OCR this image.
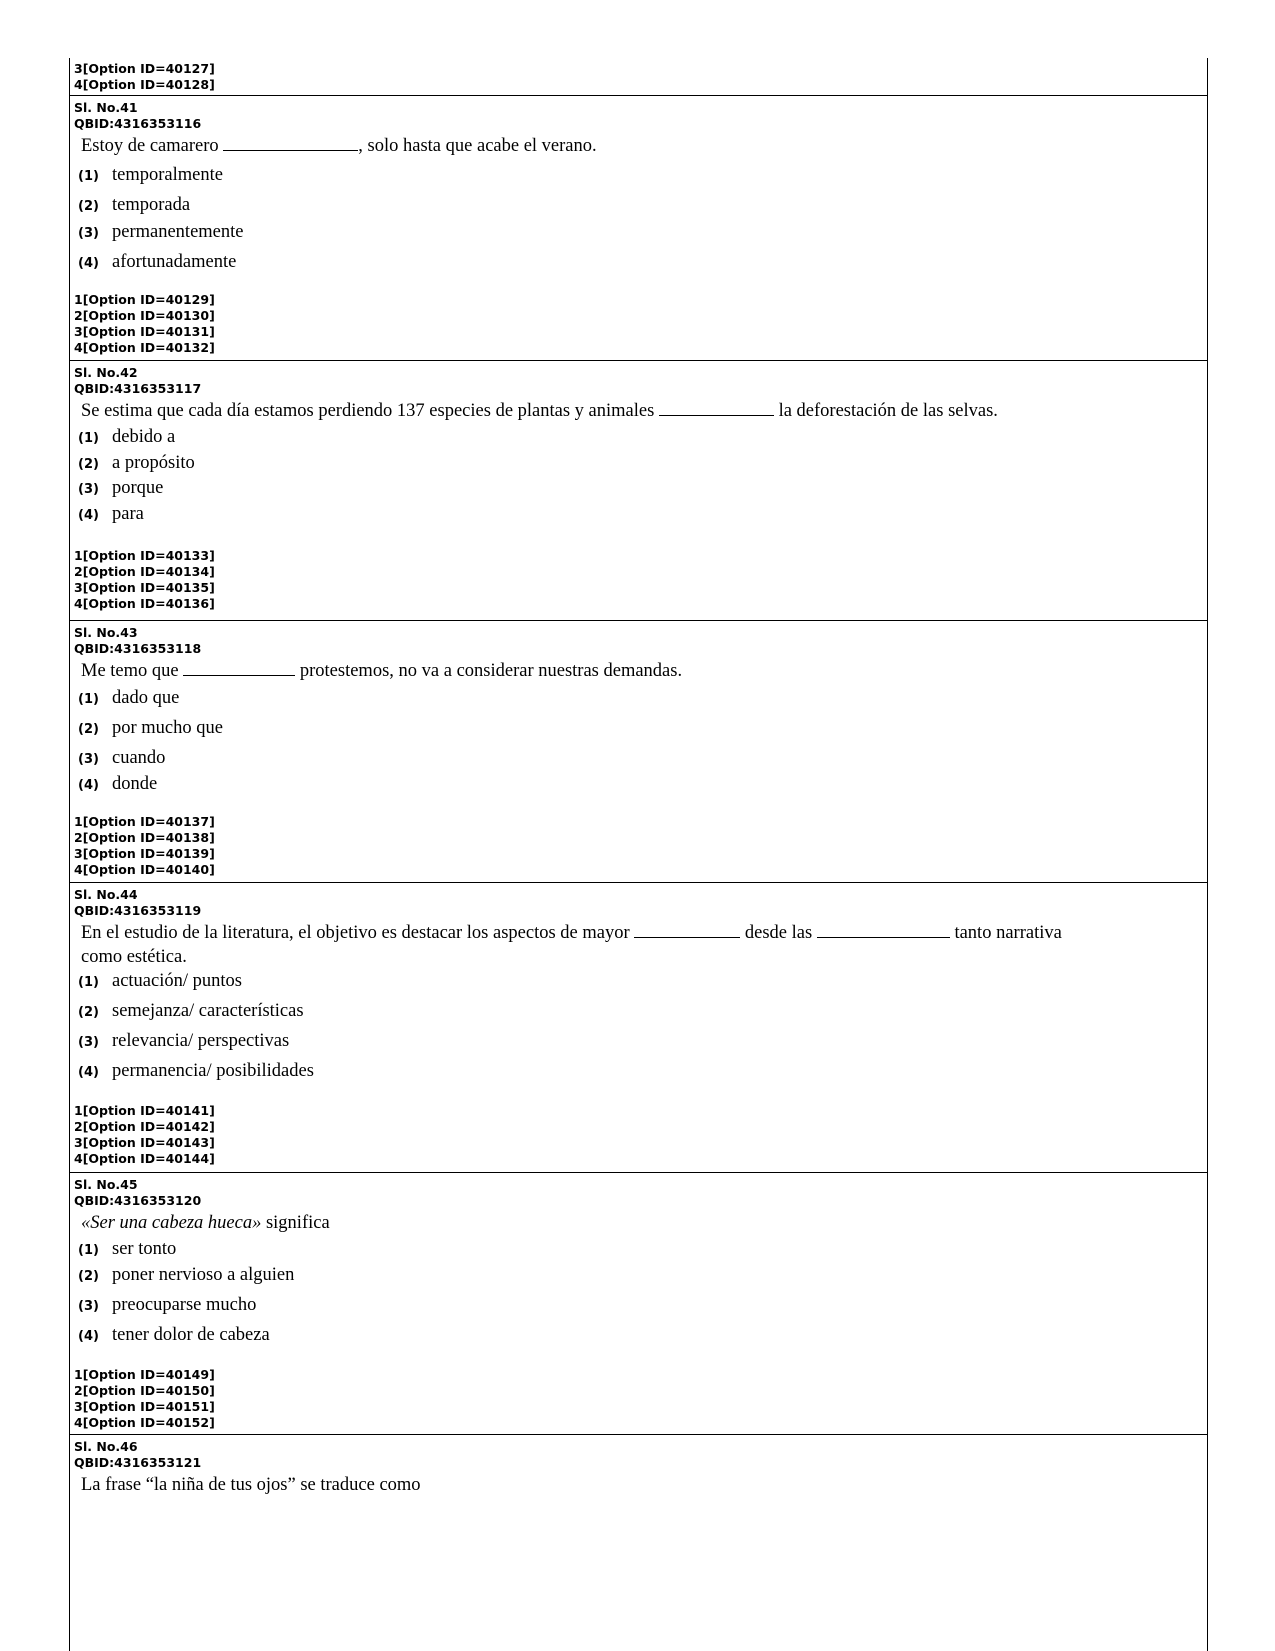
3[Option ID=40127]
4[Option ID=40128]
Sl. No.41
QBID:4316353116
Estoy de camarero	, solo hasta que acabe el verano.
(1) temporalmente
(2) temporada
(3) permanentemente
(4) afortunadamente
1[Option ID=40129]
2[Option ID=40130]
3[Option ID=40131]
4[Option ID=40132]
Sl. No.42
QBID:4316353117
Se estima que cada día estamos perdiendo 137 especies de plantas y animales	la deforestación de las selvas.
(1) debido a
(2) a propósito
(3) porque
(4) para
1[Option ID=40133]
2[Option ID=40134]
3[Option ID=40135]
4[Option ID=40136]
Sl. No.43
QBID:4316353118
Me temo que	protestemos, no va a considerar nuestras demandas.
(1) dado que
(2) por mucho que
(3) cuando
(4) donde
1[Option ID=40137]
2[Option ID=40138]
3[Option ID=40139]
4[Option ID=40140]
Sl. No.44
QBID:4316353119
En el estudio de la literatura, el objetivo es destacar los aspectos de mayor	desde las	tanto narrativa como estética.
(1) actuación/ puntos
(2) semejanza/ características
(3) relevancia/ perspectivas
(4) permanencia/ posibilidades
1[Option ID=40141]
2[Option ID=40142]
3[Option ID=40143]
4[Option ID=40144]
Sl. No.45
QBID:4316353120
«Ser una cabeza hueca» significa
(1) ser tonto
(2) poner nervioso a alguien
(3) preocuparse mucho
(4) tener dolor de cabeza
1[Option ID=40149]
2[Option ID=40150]
3[Option ID=40151]
4[Option ID=40152]
Sl. No.46
QBID:4316353121
La frase “la niña de tus ojos” se traduce como
